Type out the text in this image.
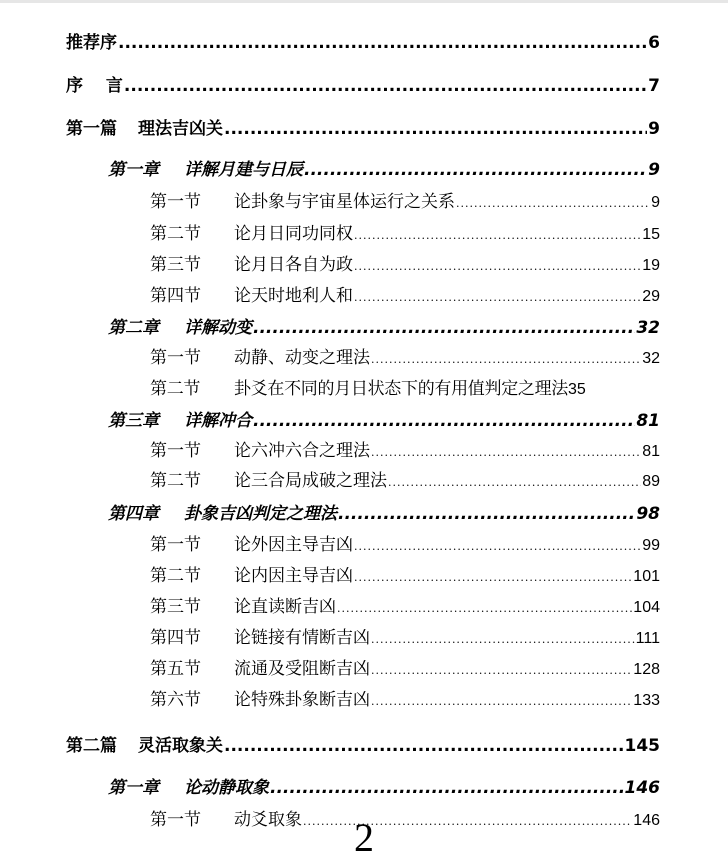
推荐序 .....	6
序　 言 .....	7
第一篇 理法吉凶关 .....	9
第一章 详解月建与日辰 .....	9
第一节 论卦象与宇宙星体运行之关系 .....	9
第二节 论月日同功同权 .....	15
第三节 论月日各自为政 .....	19
第四节 论天时地利人和 .....	29
第二章 详解动变 .....	32
第一节 动静、动变之理法 .....	32
第二节 卦爻在不同的月日状态下的有用值判定之理法 35
第三章 详解冲合 .....	81
第一节 论六冲六合之理法 .....	81
第二节 论三合局成破之理法 .....	89
第四章 卦象吉凶判定之理法 .....	98
第一节 论外因主导吉凶 .....	99
第二节 论内因主导吉凶 .....	101
第三节 论直读断吉凶 .....	104
第四节 论链接有情断吉凶 .....	111
第五节 流通及受阻断吉凶 .....	128
第六节 论特殊卦象断吉凶 .....	133
第二篇 灵活取象关 .....	145
第一章 论动静取象 .....	146
第一节 动爻取象 .....	146
2
